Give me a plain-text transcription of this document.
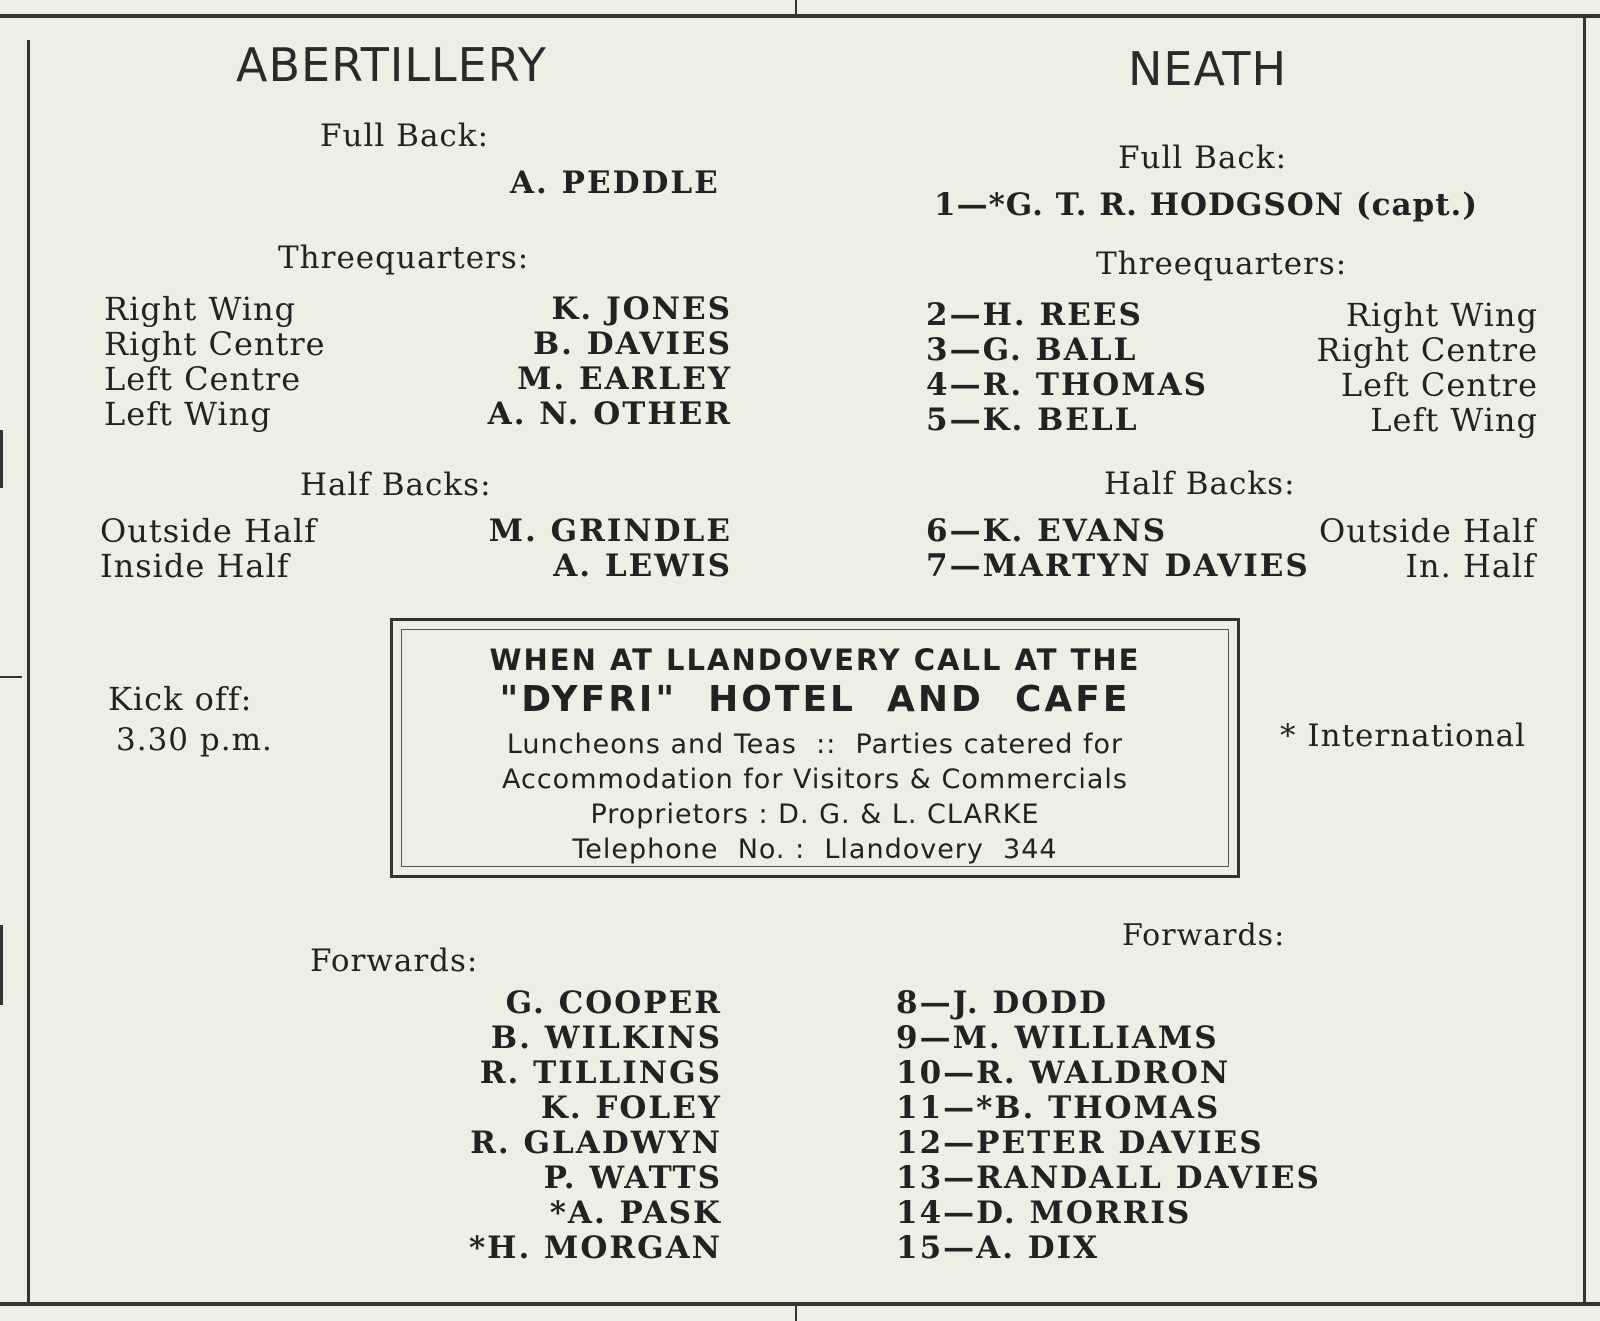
ABERTILLERY
Full Back:
A. PEDDLE
Threequarters:
Right Wing
Right Centre
Left Centre
Left Wing
K. JONES
B. DAVIES
M. EARLEY
A. N. OTHER
Half Backs:
Outside Half
Inside Half
M. GRINDLE
A. LEWIS
Kick off:
3.30 p.m.
Forwards:
G. COOPER
B. WILKINS
R. TILLINGS
K. FOLEY
R. GLADWYN
P. WATTS
*A. PASK
*H. MORGAN
NEATH
Full Back:
1—*G. T. R. HODGSON (capt.)
Threequarters:
2—H. REES
3—G. BALL
4—R. THOMAS
5—K. BELL
Right Wing
Right Centre
Left Centre
Left Wing
Half Backs:
6—K. EVANS
7—MARTYN DAVIES
Outside Half
In. Half
* International
Forwards:
8—J. DODD
9—M. WILLIAMS
10—R. WALDRON
11—*B. THOMAS
12—PETER DAVIES
13—RANDALL DAVIES
14—D. MORRIS
15—A. DIX
WHEN AT LLANDOVERY CALL AT THE
"DYFRI"  HOTEL  AND  CAFE
Luncheons and Teas  ::  Parties catered for
Accommodation for Visitors & Commercials
Proprietors : D. G. & L. CLARKE
Telephone  No. :  Llandovery  344
